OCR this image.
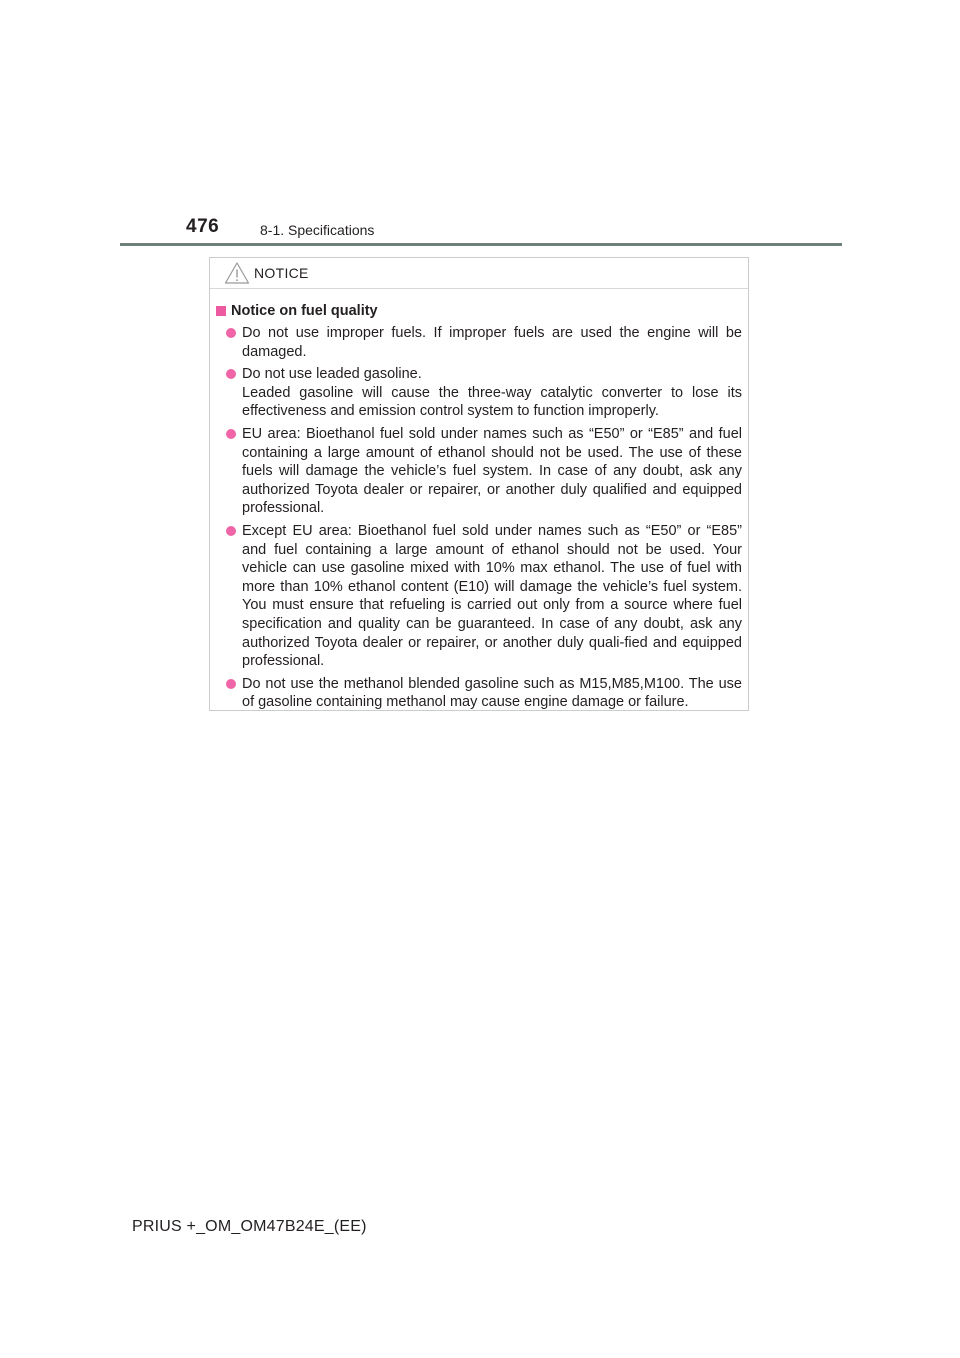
476	8-1. Specifications
NOTICE
Notice on fuel quality
Do not use improper fuels. If improper fuels are used the engine will be damaged.
Do not use leaded gasoline.
Leaded gasoline will cause the three-way catalytic converter to lose its effectiveness and emission control system to function improperly.
EU area: Bioethanol fuel sold under names such as “E50” or “E85” and fuel containing a large amount of ethanol should not be used. The use of these fuels will damage the vehicle’s fuel system. In case of any doubt, ask any authorized Toyota dealer or repairer, or another duly qualified and equipped professional.
Except EU area: Bioethanol fuel sold under names such as “E50” or “E85” and fuel containing a large amount of ethanol should not be used. Your vehicle can use gasoline mixed with 10% max ethanol. The use of fuel with more than 10% ethanol content (E10) will damage the vehicle’s fuel system. You must ensure that refueling is carried out only from a source where fuel specification and quality can be guaranteed. In case of any doubt, ask any authorized Toyota dealer or repairer, or another duly quali-fied and equipped professional.
Do not use the methanol blended gasoline such as M15,M85,M100. The use of gasoline containing methanol may cause engine damage or failure.
PRIUS +_OM_OM47B24E_(EE)
